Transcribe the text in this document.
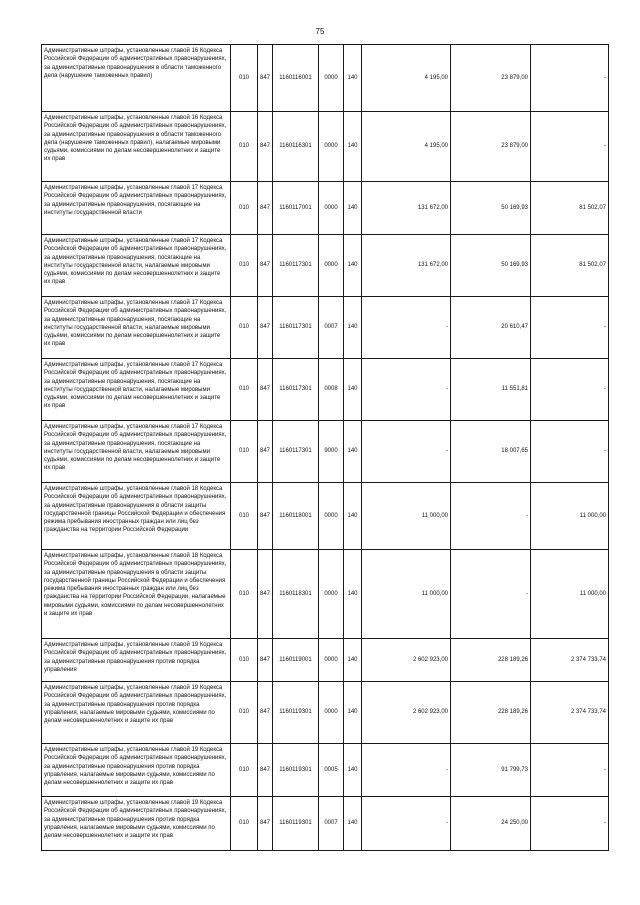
75
Административные штрафы, установленные главой 16 Кодекса Российской Федерации об административных правонарушениях, за административные правонарушения в области таможенного дела (нарушение таможенных правил)	010	847	1160116001	0000	140	4 195,00	23 879,00	-
Административные штрафы, установленные главой 16 Кодекса Российской Федерации об административных правонарушениях, за административные правонарушения в области таможенного дела (нарушение таможенных правил), налагаемые мировыми судьями, комиссиями по делам несовершеннолетних и защите их прав	010	847	1160116301	0000	140	4 195,00	23 879,00	-
Административные штрафы, установленные главой 17 Кодекса Российской Федерации об административных правонарушениях, за административные правонарушения, посягающие на институты государственной власти	010	847	1160117001	0000	140	131 672,00	50 169,93	81 502,07
Административные штрафы, установленные главой 17 Кодекса Российской Федерации об административных правонарушениях, за административные правонарушения, посягающие на институты государственной власти, налагаемые мировыми судьями, комиссиями по делам несовершеннолетних и защите их прав	010	847	1160117301	0000	140	131 672,00	50 169,93	81 502,07
Административные штрафы, установленные главой 17 Кодекса Российской Федерации об административных правонарушениях, за административные правонарушения, посягающие на институты государственной власти, налагаемые мировыми судьями, комиссиями по делам несовершеннолетних и защите их прав	010	847	1160117301	0007	140	-	20 610,47	-
Административные штрафы, установленные главой 17 Кодекса Российской Федерации об административных правонарушениях, за административные правонарушения, посягающие на институты государственной власти, налагаемые мировыми судьями, комиссиями по делам несовершеннолетних и защите их прав	010	847	1160117301	0008	140	-	11 551,81	-
Административные штрафы, установленные главой 17 Кодекса Российской Федерации об административных правонарушениях, за административные правонарушения, посягающие на институты государственной власти, налагаемые мировыми судьями, комиссиями по делам несовершеннолетних и защите их прав	010	847	1160117301	9000	140	-	18 007,65	-
Административные штрафы, установленные главой 18 Кодекса Российской Федерации об административных правонарушениях, за административные правонарушения в области защиты государственной границы Российской Федерации и обеспечения режима пребывания иностранных граждан или лиц без гражданства на территории Российской Федерации	010	847	1160118001	0000	140	11 000,00	-	11 000,00
Административные штрафы, установленные главой 18 Кодекса Российской Федерации об административных правонарушениях, за административные правонарушения в области защиты государственной границы Российской Федерации и обеспечения режима пребывания иностранных граждан или лиц без гражданства на территории Российской Федерации, налагаемые мировыми судьями, комиссиями по делам несовершеннолетних и защите их прав	010	847	1160118301	0000	140	11 000,00	-	11 000,00
Административные штрафы, установленные главой 19 Кодекса Российской Федерации об административных правонарушениях, за административные правонарушения против порядка управления	010	847	1160119001	0000	140	2 602 923,00	228 189,26	2 374 733,74
Административные штрафы, установленные главой 19 Кодекса Российской Федерации об административных правонарушениях, за административные правонарушения против порядка управления, налагаемые мировыми судьями, комиссиями по делам несовершеннолетних и защите их прав	010	847	1160119301	0000	140	2 602 923,00	228 189,26	2 374 733,74
Административные штрафы, установленные главой 19 Кодекса Российской Федерации об административных правонарушениях, за административные правонарушения против порядка управления, налагаемые мировыми судьями, комиссиями по делам несовершеннолетних и защите их прав	010	847	1160119301	0005	140	-	91 799,73	-
Административные штрафы, установленные главой 19 Кодекса Российской Федерации об административных правонарушениях, за административные правонарушения против порядка управления, налагаемые мировыми судьями, комиссиями по делам несовершеннолетних и защите их прав	010	847	1160119301	0007	140	-	24 250,00	-
